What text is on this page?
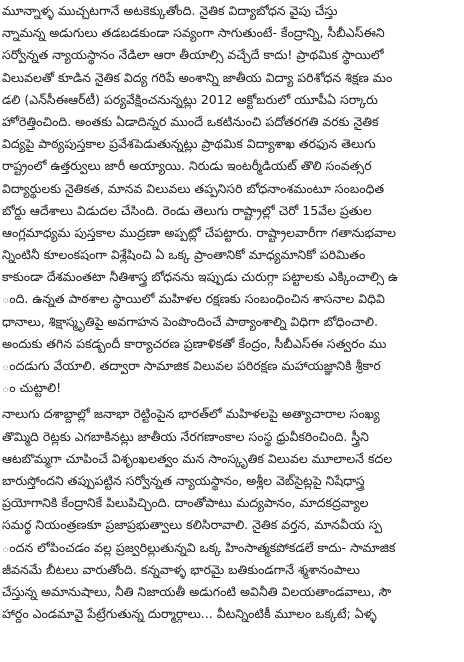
మూన్నాళ్ళ ముచ్చటగానే అటకెక్కుతోంది. నైతిక విద్యాబోధన వైపు చేస్తు
న్నామన్న అడుగులు తడబడకుండా సవ్యంగా సాగుతుంటే- కేంద్రాన్ని, సీబీఎస్‌ఈని
సర్వోన్నత న్యాయస్థానం నేడిలా ఆరా తీయాల్సి వచ్చేదే కాదు! ప్రాథమిక స్థాయిలో
విలువలతో కూడిన నైతిక విద్య గరిపే అంశాన్ని జాతీయ విద్యా పరిశోధన శిక్షణ మం
డలి (ఎన్‌సీఈఆర్‌టీ) పర్యవేక్షించనున్నట్లు 2012 అక్టోబరులో యూపీఏ సర్కారు
హోరెత్తించింది. అంతకు ఏడాదిన్నర ముందే ఒకటినుంచి పదోతరగతి వరకు నైతిక
విద్యపై పాఠ్యపుస్తకాల ప్రవేశపెడుతున్నట్లు ప్రాథమిక విద్యాశాఖ తరఫున తెలుగు
రాష్ట్రంలో ఉత్తర్వులు జారీ అయ్యాయి. నిరుడు ఇంటర్మీడియట్‌ తొలి సంవత్సర
విద్యార్థులకు నైతికత, మానవ విలువలు తప్పనిసరి బోధనాంశమంటూ సంబంధిత
బోర్డు ఆదేశాలు విడుదల చేసింది. రెండు తెలుగు రాష్ట్రాల్లో చెరో 15వేల ప్రతుల
ఆంగ్లమాధ్యమ పుస్తకాల ముద్రణా అప్పట్లో చేపట్టారు. రాష్ట్రాలవారీగా గతానుభవాల
న్నింటినీ కూలంకషంగా విశ్లేషించి ఏ ఒక్క ప్రాంతానికో మాధ్యమానికో పరిమితం
కాకుండా దేశమంతటా నీతిశాస్త్ర బోధనను ఇప్పుడు చురుగ్గా పట్టాలకు ఎక్కించాల్సి ఉ
ంది. ఉన్నత పాఠశాల స్థాయిలో మహిళల రక్షణకు సంబంధించిన శాసనాల విధివి
ధానాలు, శిక్షాస్మృతిపై అవగాహన పెంపొందించే పాఠ్యాంశాల్ని విధిగా బోధించాలి.
అందుకు తగిన పకడ్బందీ కార్యాచరణ ప్రణాళికతో కేంద్రం, సీబీఎస్‌ఈ సత్వరం ము
ందడుగు వేయాలి. తద్వారా సామాజిక విలువల పరిరక్షణ మహాయజ్ఞానికి శ్రీకార
ం చుట్టాలి!
నాలుగు దశాబ్దాల్లో జనాభా రెట్టింపైన భారత్‌లో మహిళలపై అత్యాచారాల సంఖ్య
తొమ్మిది రెట్లకు ఎగబాకినట్లు జాతీయ నేరగణాంకాల సంస్థ ధ్రువీకరించింది. స్త్రీని
ఆటబొమ్మగా చూపించే విశృంఖలత్వం మన సాంస్కృతిక విలువల మూలాలనే కదల
బారుస్తోందని తప్పుపట్టిన సర్వోన్నత న్యాయస్థానం, అశ్లీల వెబ్‌సైట్లపై నిషేధాస్త్ర
ప్రయోగానికి కేంద్రానికే పిలుపిచ్చింది. దాంతోపాటు మద్యపానం, మాదకద్రవ్యాల
సమర్థ నియంత్రణకూ ప్రజాప్రభుత్వాలు కలిసిరావాలి. నైతిక వర్తన, మానవీయ స్ప
ందన లోపించడం వల్ల ప్రజ్వరిల్లుతున్నవి ఒక్క హింసాత్మకపోకడలే కాదు- సామాజిక
జీవనమే బీటలు వారుతోంది. కన్నవాళ్ళ భారమై బతికుండగానే శ్మశానంపాలు
చేస్తున్న అమానుషాలు, నీతి నిజాయతీ అడుగంటి అవినీతి విలయతాండవాలు, సౌ
హార్దం ఎండమావై పేట్రేగుతున్న దుర్మార్గాలు... వీటన్నింటికీ మూలం ఒక్కటే; ఏళ్ళ
